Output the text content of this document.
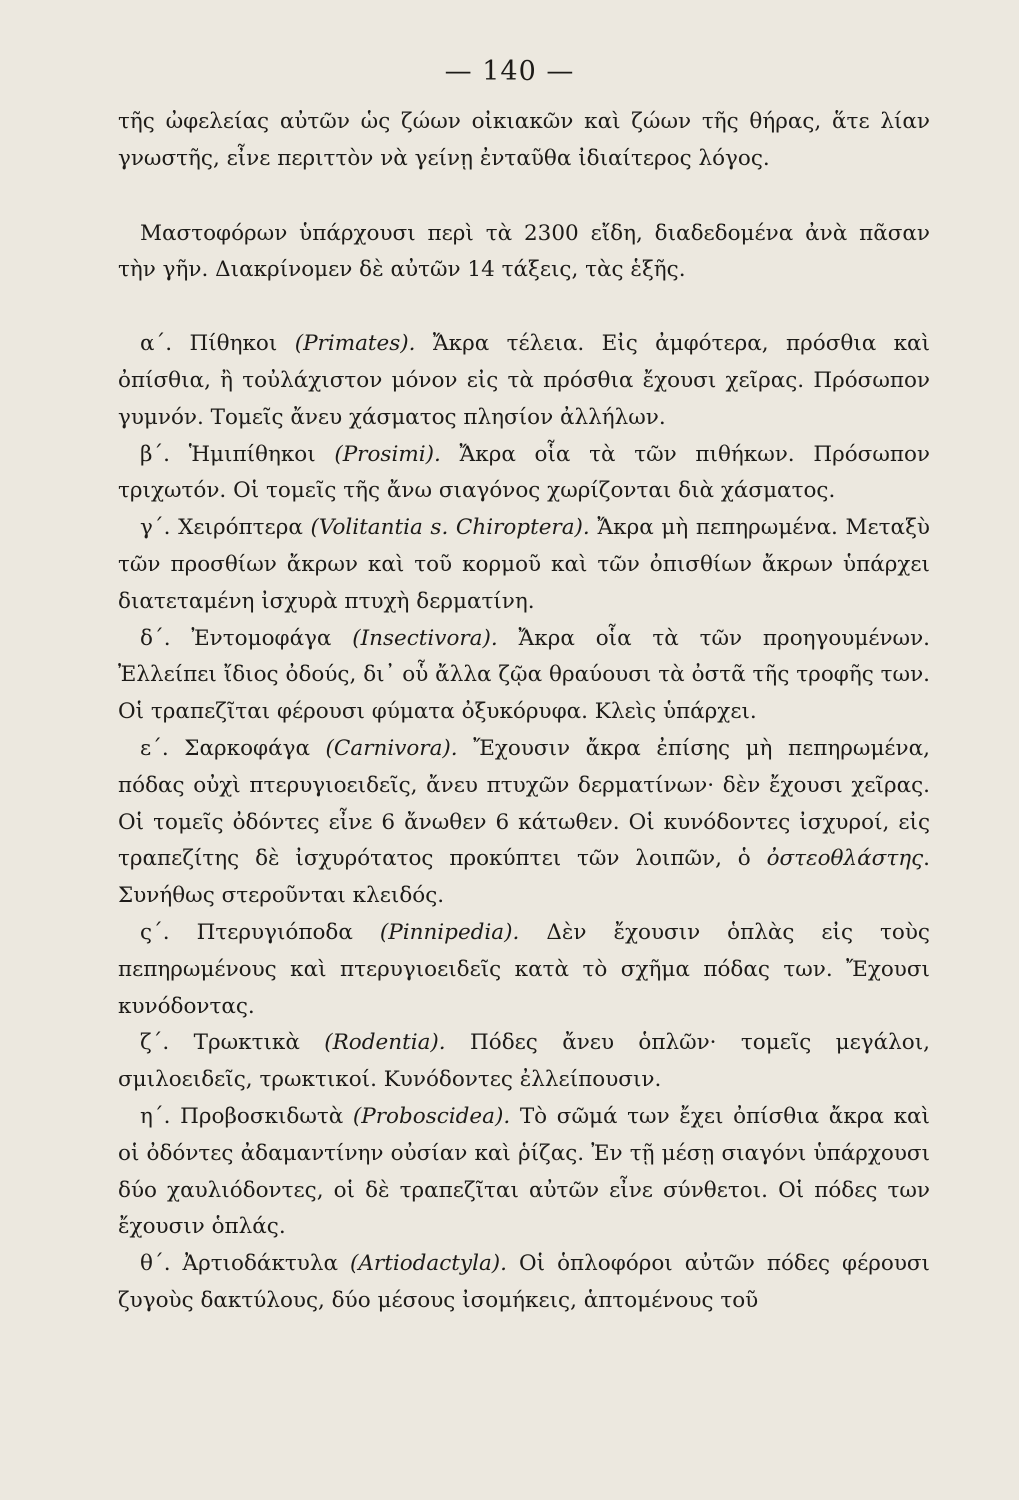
— 140 —

τῆς ὠφελείας αὐτῶν ὡς ζώων οἰκιακῶν καὶ ζώων τῆς θήρας, ἅτε λίαν γνωστῆς, εἶνε περιττὸν νὰ γείνῃ ἐνταῦθα ἰδιαίτερος λόγος.

Μαστοφόρων ὑπάρχουσι περὶ τὰ 2300 εἴδη, διαδεδομένα ἀνὰ πᾶσαν τὴν γῆν. Διακρίνομεν δὲ αὐτῶν 14 τάξεις, τὰς ἑξῆς.

α΄. Πίθηκοι (Primates). Ἄκρα τέλεια. Εἰς ἀμφότερα, πρόσθια καὶ ὀπίσθια, ἢ τοὐλάχιστον μόνον εἰς τὰ πρόσθια ἔχουσι χεῖρας. Πρόσωπον γυμνόν. Τομεῖς ἄνευ χάσματος πλησίον ἀλλήλων.

β΄. Ἡμιπίθηκοι (Prosimi). Ἄκρα οἷα τὰ τῶν πιθήκων. Πρόσωπον τριχωτόν. Οἱ τομεῖς τῆς ἄνω σιαγόνος χωρίζονται διὰ χάσματος.

γ΄. Χειρόπτερα (Volitantia s. Chiroptera). Ἄκρα μὴ πεπηρωμένα. Μεταξὺ τῶν προσθίων ἄκρων καὶ τοῦ κορμοῦ καὶ τῶν ὀπισθίων ἄκρων ὑπάρχει διατεταμένη ἰσχυρὰ πτυχὴ δερματίνη.

δ΄. Ἐντομοφάγα (Insectivora). Ἄκρα οἷα τὰ τῶν προηγουμένων. Ἐλλείπει ἴδιος ὀδούς, δι᾽ οὗ ἄλλα ζῷα θραύουσι τὰ ὀστᾶ τῆς τροφῆς των. Οἱ τραπεζῖται φέρουσι φύματα ὀξυκόρυφα. Κλεὶς ὑπάρχει.

ε΄. Σαρκοφάγα (Carnivora). Ἔχουσιν ἄκρα ἐπίσης μὴ πεπηρωμένα, πόδας οὐχὶ πτερυγιοειδεῖς, ἄνευ πτυχῶν δερματίνων· δὲν ἔχουσι χεῖρας. Οἱ τομεῖς ὀδόντες εἶνε 6 ἄνωθεν 6 κάτωθεν. Οἱ κυνόδοντες ἰσχυροί, εἰς τραπεζίτης δὲ ἰσχυρότατος προκύπτει τῶν λοιπῶν, ὁ ὀστεοθλάστης. Συνήθως στεροῦνται κλειδός.

ς΄. Πτερυγιόποδα (Pinnipedia). Δὲν ἔχουσιν ὁπλὰς εἰς τοὺς πεπηρωμένους καὶ πτερυγιοειδεῖς κατὰ τὸ σχῆμα πόδας των. Ἔχουσι κυνόδοντας.

ζ΄. Τρωκτικὰ (Rodentia). Πόδες ἄνευ ὁπλῶν· τομεῖς μεγάλοι, σμιλοειδεῖς, τρωκτικοί. Κυνόδοντες ἐλλείπουσιν.

η΄. Προβοσκιδωτὰ (Proboscidea). Τὸ σῶμά των ἔχει ὀπίσθια ἄκρα καὶ οἱ ὀδόντες ἀδαμαντίνην οὐσίαν καὶ ῥίζας. Ἐν τῇ μέσῃ σιαγόνι ὑπάρχουσι δύο χαυλιόδοντες, οἱ δὲ τραπεζῖται αὐτῶν εἶνε σύνθετοι. Οἱ πόδες των ἔχουσιν ὁπλάς.

θ΄. Ἀρτιοδάκτυλα (Artiodactyla). Οἱ ὁπλοφόροι αὐτῶν πόδες φέρουσι ζυγοὺς δακτύλους, δύο μέσους ἰσομήκεις, ἁπτομένους τοῦ
